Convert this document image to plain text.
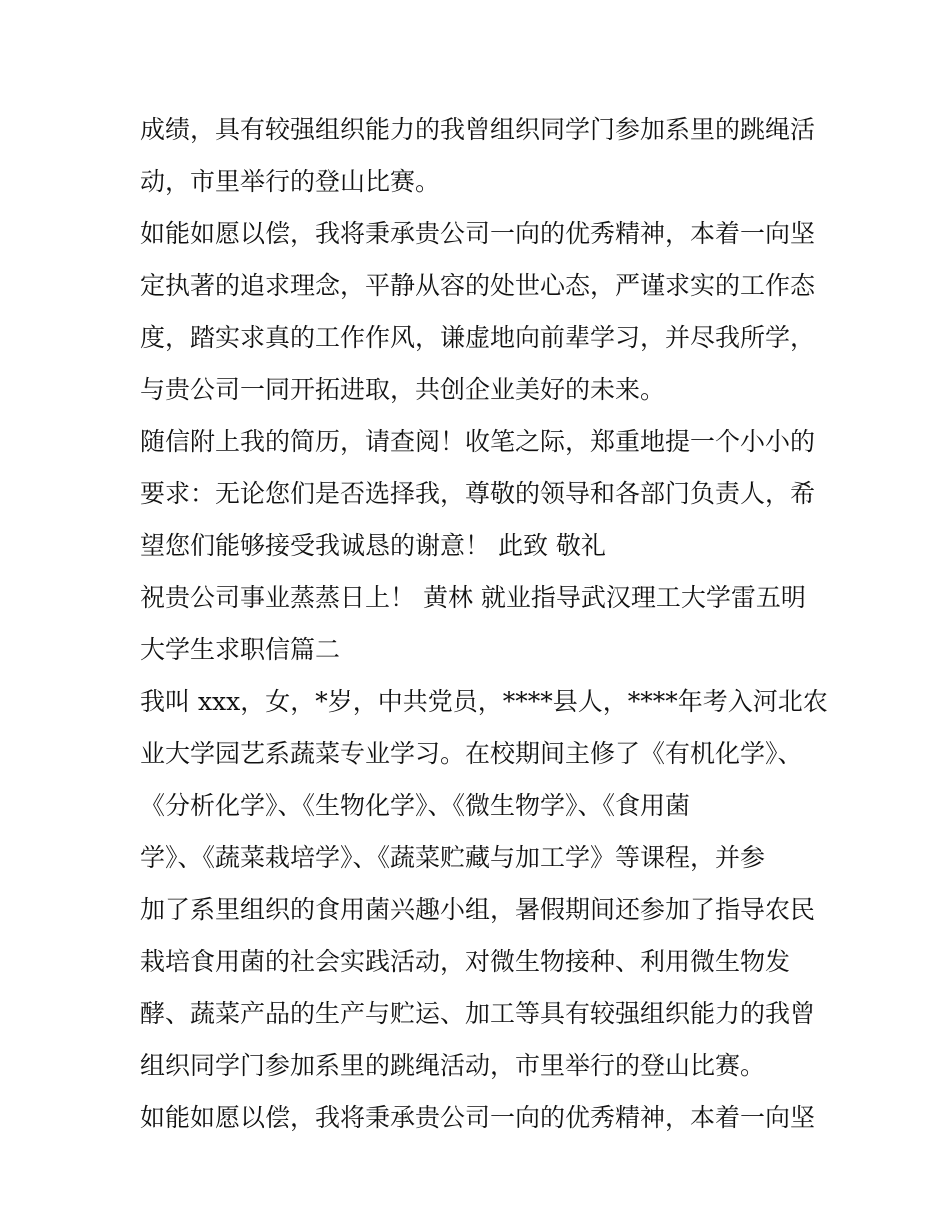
成绩，具有较强组织能力的我曾组织同学门参加系里的跳绳活
动，市里举行的登山比赛。
如能如愿以偿，我将秉承贵公司一向的优秀精神，本着一向坚
定执著的追求理念，平静从容的处世心态，严谨求实的工作态
度，踏实求真的工作作风，谦虚地向前辈学习，并尽我所学，
与贵公司一同开拓进取，共创企业美好的未来。
随信附上我的简历，请查阅！收笔之际，郑重地提一个小小的
要求：无论您们是否选择我，尊敬的领导和各部门负责人，希
望您们能够接受我诚恳的谢意！ 此致 敬礼
祝贵公司事业蒸蒸日上！ 黄林 就业指导武汉理工大学雷五明
大学生求职信篇二
我叫 xxx，女，*岁，中共党员，****县人，****年考入河北农
业大学园艺系蔬菜专业学习。在校期间主修了《有机化学》、
《分析化学》、《生物化学》、《微生物学》、《食用菌
学》、《蔬菜栽培学》、《蔬菜贮藏与加工学》等课程，并参
加了系里组织的食用菌兴趣小组，暑假期间还参加了指导农民
栽培食用菌的社会实践活动，对微生物接种、利用微生物发
酵、蔬菜产品的生产与贮运、加工等具有较强组织能力的我曾
组织同学门参加系里的跳绳活动，市里举行的登山比赛。
如能如愿以偿，我将秉承贵公司一向的优秀精神，本着一向坚
